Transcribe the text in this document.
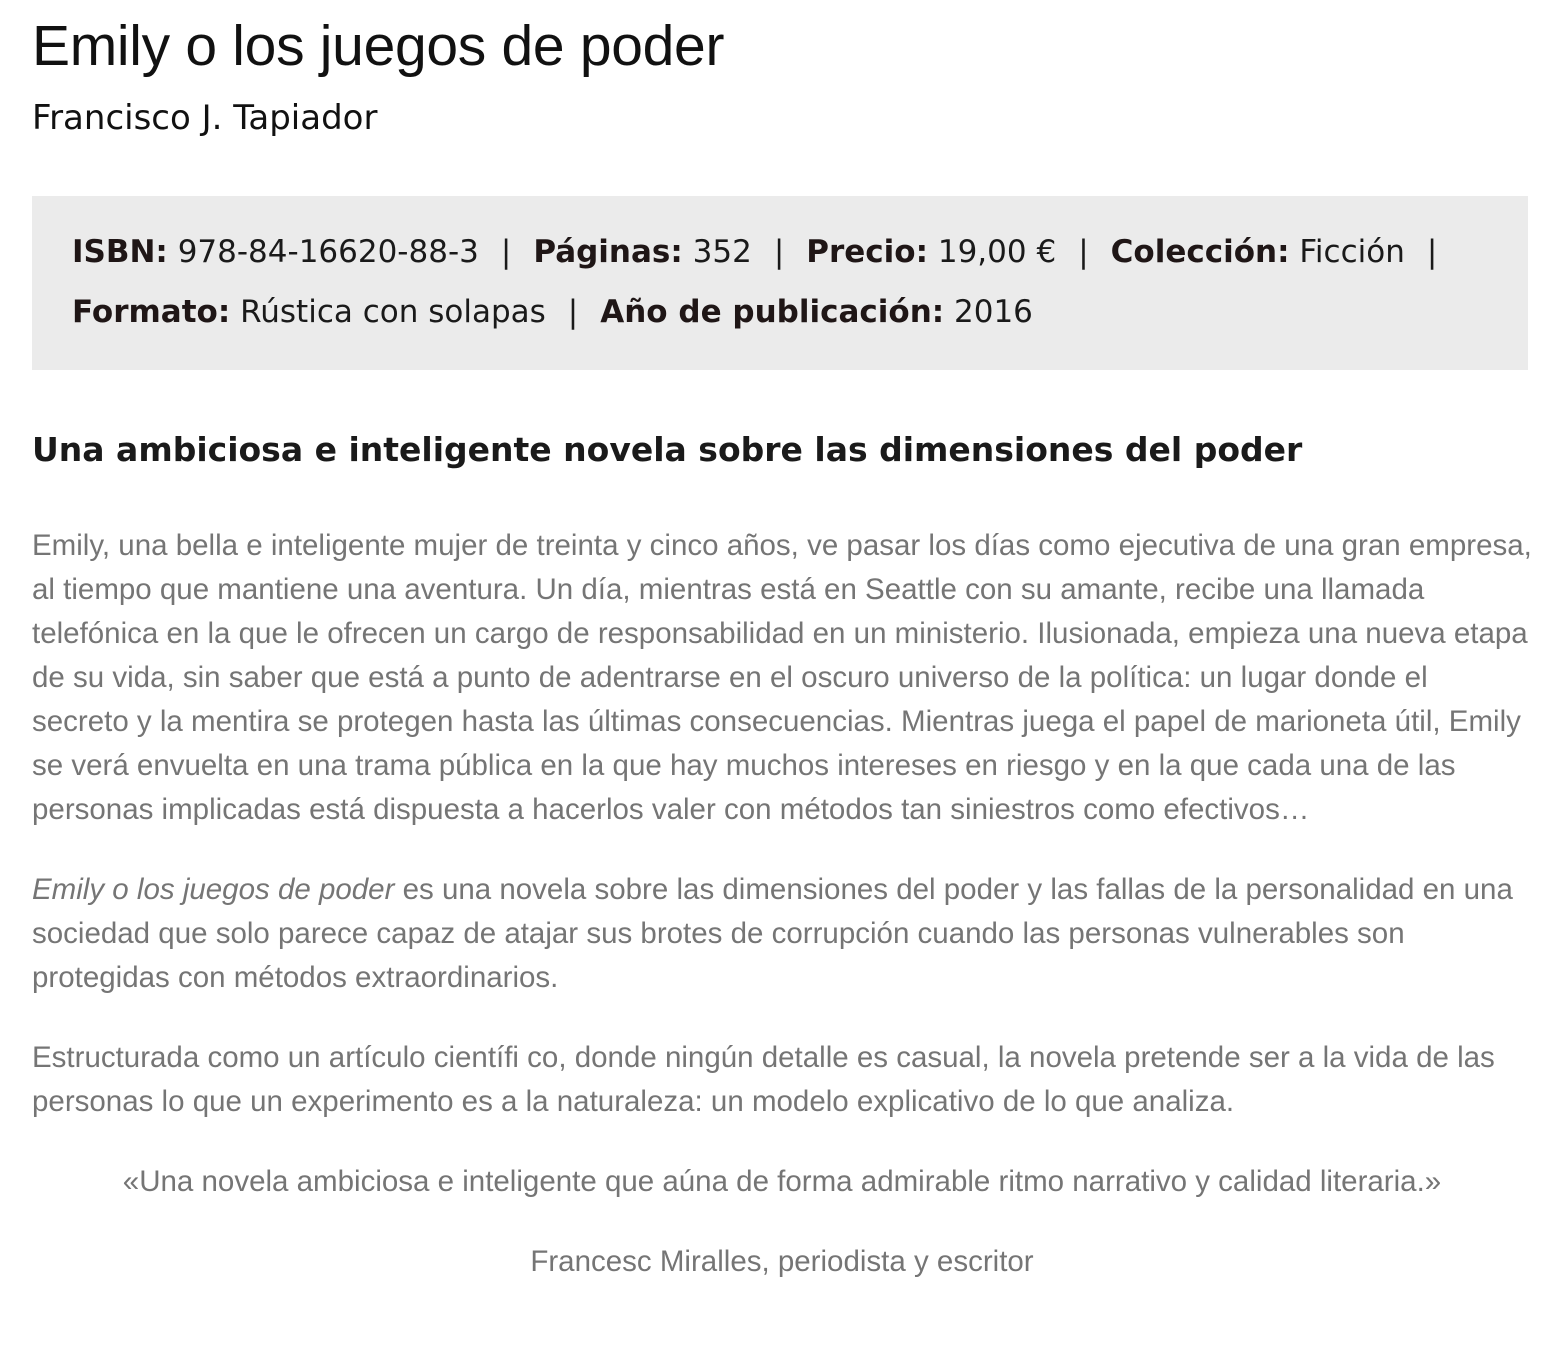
Emily o los juegos de poder

Francisco J. Tapiador

ISBN: 978-84-16620-88-3 | Páginas: 352 | Precio: 19,00 € | Colección: Ficción |
Formato: Rústica con solapas | Año de publicación: 2016
Una ambiciosa e inteligente novela sobre las dimensiones del poder

Emily, una bella e inteligente mujer de treinta y cinco años, ve pasar los días como ejecutiva de una gran empresa, al tiempo que mantiene una aventura. Un día, mientras está en Seattle con su amante, recibe una llamada telefónica en la que le ofrecen un cargo de responsabilidad en un ministerio. Ilusionada, empieza una nueva etapa de su vida, sin saber que está a punto de adentrarse en el oscuro universo de la política: un lugar donde el secreto y la mentira se protegen hasta las últimas consecuencias. Mientras juega el papel de marioneta útil, Emily se verá envuelta en una trama pública en la que hay muchos intereses en riesgo y en la que cada una de las personas implicadas está dispuesta a hacerlos valer con métodos tan siniestros como efectivos…

Emily o los juegos de poder es una novela sobre las dimensiones del poder y las fallas de la personalidad en una sociedad que solo parece capaz de atajar sus brotes de corrupción cuando las personas vulnerables son protegidas con métodos extraordinarios.

Estructurada como un artículo científi co, donde ningún detalle es casual, la novela pretende ser a la vida de las personas lo que un experimento es a la naturaleza: un modelo explicativo de lo que analiza.

«Una novela ambiciosa e inteligente que aúna de forma admirable ritmo narrativo y calidad literaria.»

Francesc Miralles, periodista y escritor
